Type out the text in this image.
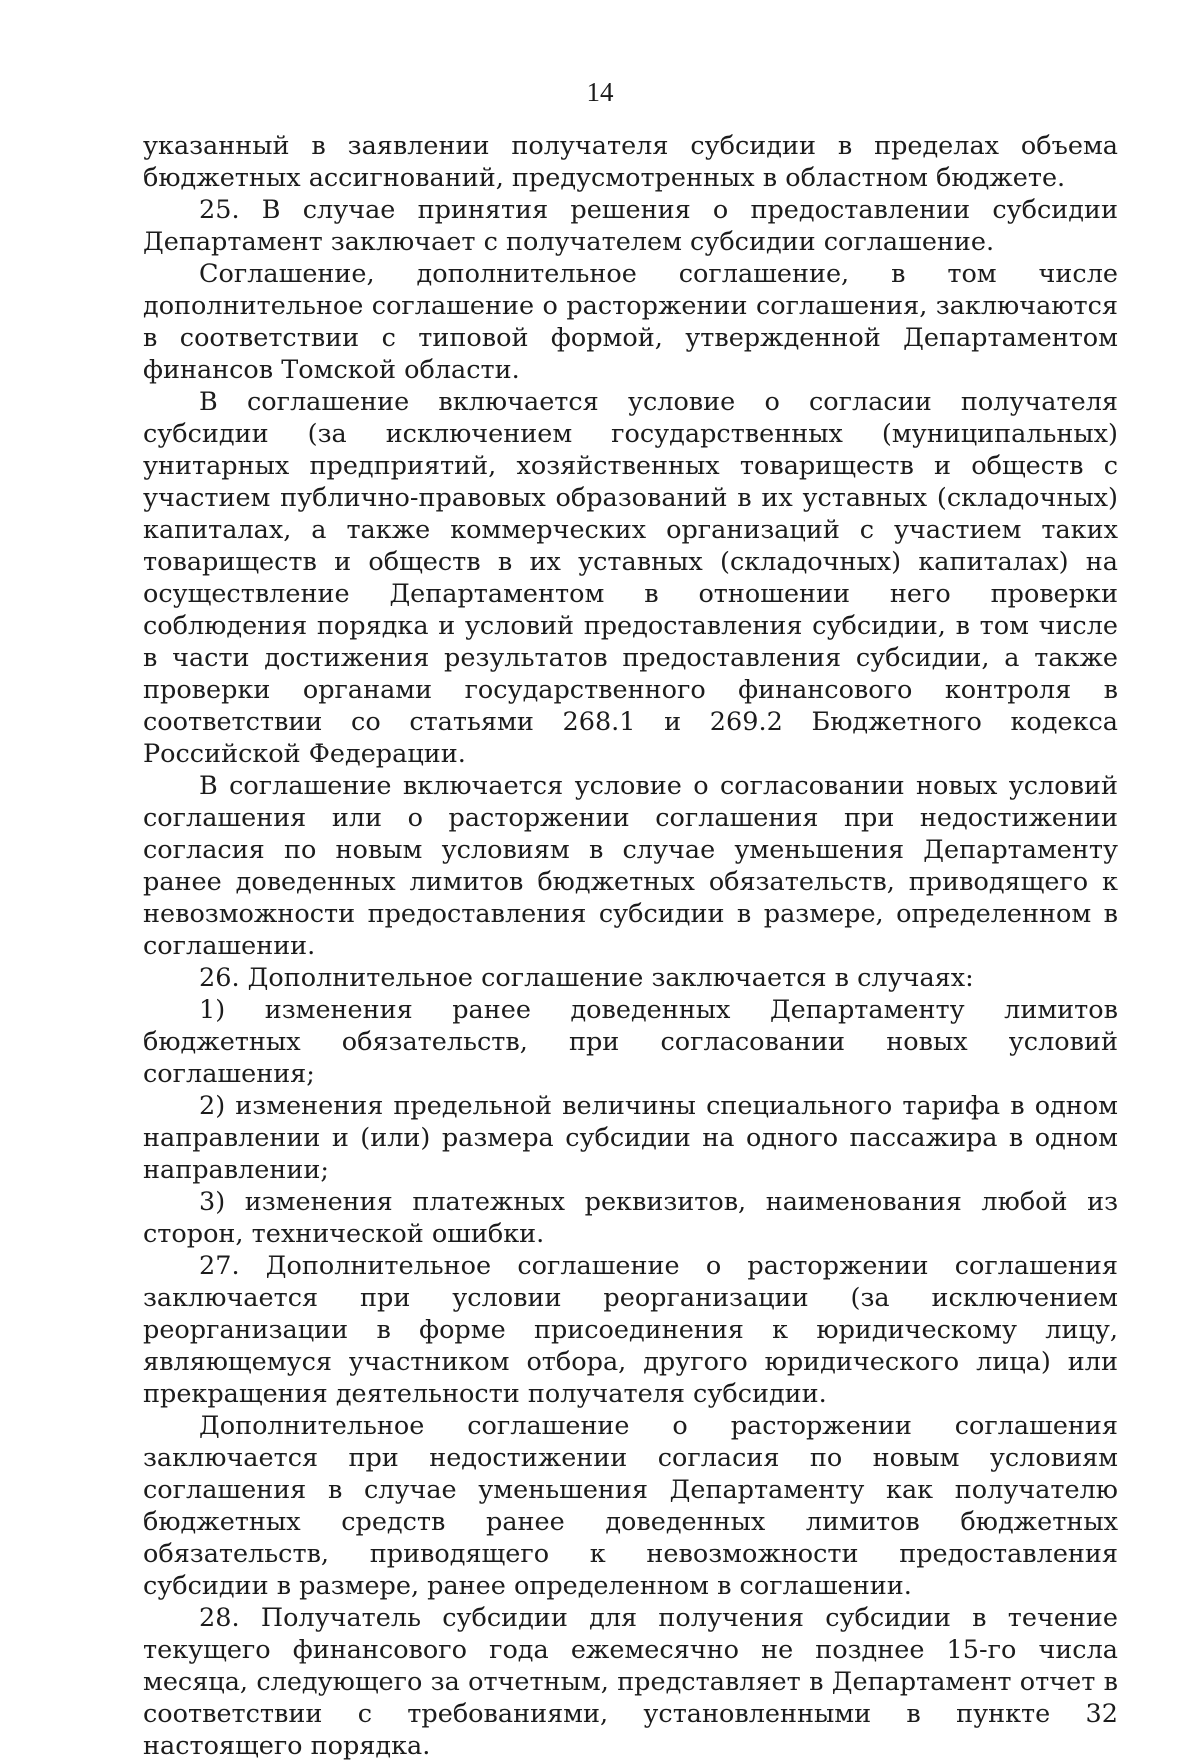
14

указанный в заявлении получателя субсидии в пределах объема бюджетных ассигнований, предусмотренных в областном бюджете.

25. В случае принятия решения о предоставлении субсидии Департамент заключает с получателем субсидии соглашение.

Соглашение, дополнительное соглашение, в том числе дополнительное соглашение о расторжении соглашения, заключаются в соответствии с типовой формой, утвержденной Департаментом финансов Томской области.

В соглашение включается условие о согласии получателя субсидии (за исключением государственных (муниципальных) унитарных предприятий, хозяйственных товариществ и обществ с участием публично-правовых образований в их уставных (складочных) капиталах, а также коммерческих организаций с участием таких товариществ и обществ в их уставных (складочных) капиталах) на осуществление Департаментом в отношении него проверки соблюдения порядка и условий предоставления субсидии, в том числе в части достижения результатов предоставления субсидии, а также проверки органами государственного финансового контроля в соответствии со статьями 268.1 и 269.2 Бюджетного кодекса Российской Федерации.

В соглашение включается условие о согласовании новых условий соглашения или о расторжении соглашения при недостижении согласия по новым условиям в случае уменьшения Департаменту ранее доведенных лимитов бюджетных обязательств, приводящего к невозможности предоставления субсидии в размере, определенном в соглашении.

26. Дополнительное соглашение заключается в случаях:

1) изменения ранее доведенных Департаменту лимитов бюджетных обязательств, при согласовании новых условий соглашения;

2) изменения предельной величины специального тарифа в одном направлении и (или) размера субсидии на одного пассажира в одном направлении;

3) изменения платежных реквизитов, наименования любой из сторон, технической ошибки.

27. Дополнительное соглашение о расторжении соглашения заключается при условии реорганизации (за исключением реорганизации в форме присоединения к юридическому лицу, являющемуся участником отбора, другого юридического лица) или прекращения деятельности получателя субсидии.

Дополнительное соглашение о расторжении соглашения заключается при недостижении согласия по новым условиям соглашения в случае уменьшения Департаменту как получателю бюджетных средств ранее доведенных лимитов бюджетных обязательств, приводящего к невозможности предоставления субсидии в размере, ранее определенном в соглашении.

28. Получатель субсидии для получения субсидии в течение текущего финансового года ежемесячно не позднее 15-го числа месяца, следующего за отчетным, представляет в Департамент отчет в соответствии с требованиями, установленными в пункте 32 настоящего порядка.
